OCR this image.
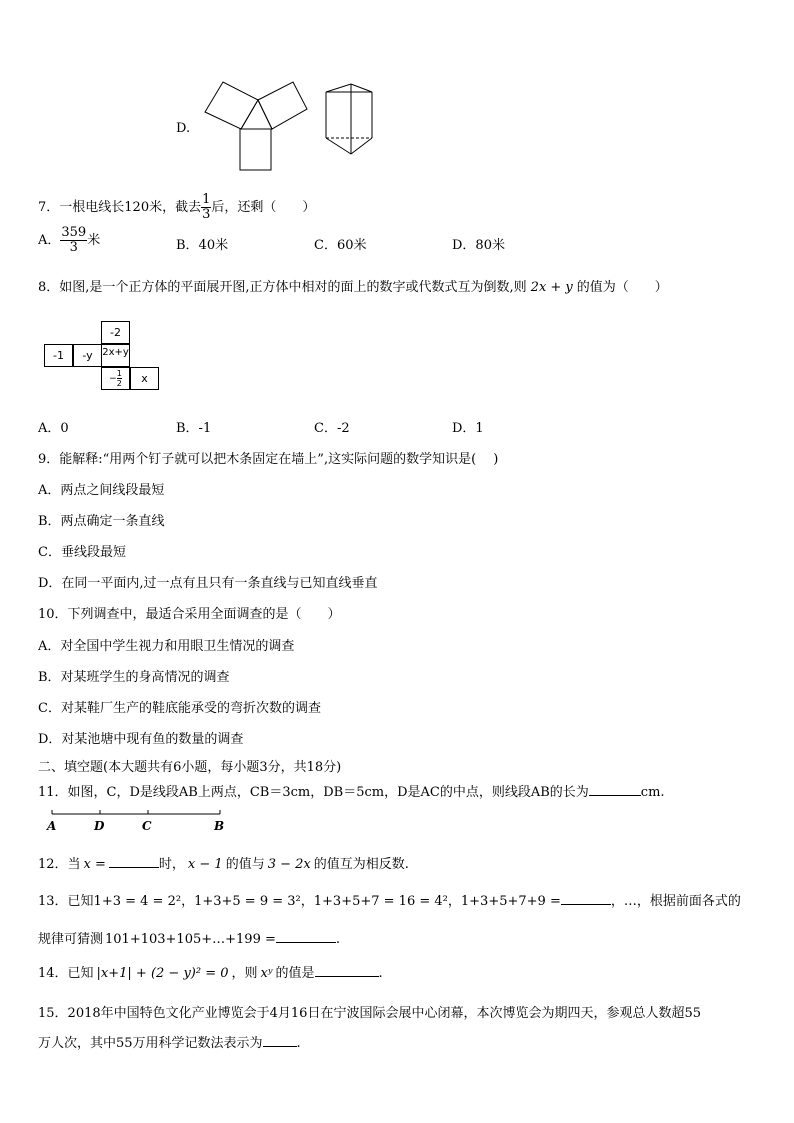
D.
7．一根电线长120米，截去 $\frac{1}{3}$ 后，还剩（　　）
A． $\frac{359}{3}$ 米	B．40米	C．60米	D．80米
8．如图,是一个正方体的平面展开图,正方体中相对的面上的数字或代数式互为倒数,则 2x + y 的值为（　　）
-2
-1	-y 2x+y
− $\frac{1}{2}$	x
A．0	B．-1	C．-2	D．1
9．能解释:“用两个钉子就可以把木条固定在墙上”,这实际问题的数学知识是(　 )
A．两点之间线段最短
B．两点确定一条直线
C．垂线段最短
D．在同一平面内,过一点有且只有一条直线与已知直线垂直
10．下列调查中，最适合采用全面调查的是（　　）
A．对全国中学生视力和用眼卫生情况的调查
B．对某班学生的身高情况的调查
C．对某鞋厂生产的鞋底能承受的弯折次数的调查
D．对某池塘中现有鱼的数量的调查
二、填空题(本大题共有6小题，每小题3分，共18分)
11．如图，C，D是线段AB上两点，CB＝3cm，DB＝5cm，D是AC的中点，则线段AB的长为	cm.
A	D	C	B
12．当 x =	时， x − 1 的值与 3 − 2x 的值互为相反数.
13．已知1+3 = 4 = 2²，1+3+5 = 9 = 3²，1+3+5+7 = 16 = 4²，1+3+5+7+9 =	，…，根据前面各式的
规律可猜测 101+103+105+…+199 =	.
14．已知 |x+1| + (2 − y)² = 0 ，则 xʸ 的值是	.
15．2018年中国特色文化产业博览会于4月16日在宁波国际会展中心闭幕，本次博览会为期四天，参观总人数超55
万人次，其中55万用科学记数法表示为	.
